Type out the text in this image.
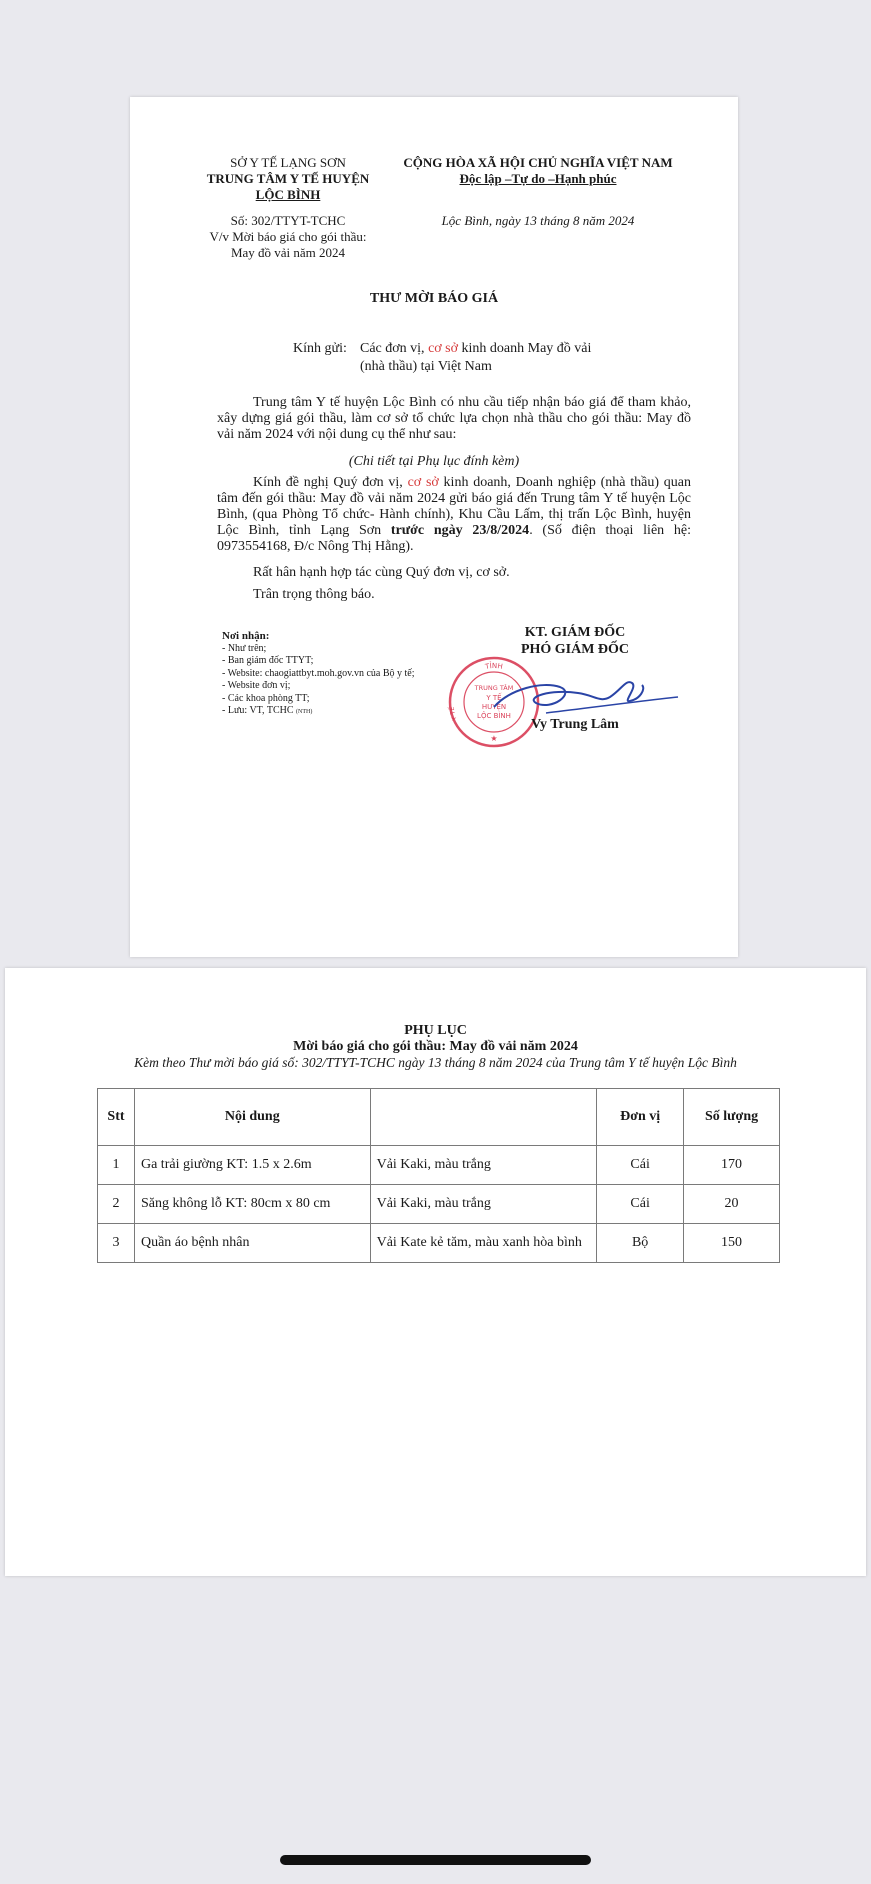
SỞ Y TẾ LẠNG SƠN
TRUNG TÂM Y TẾ HUYỆN
LỘC BÌNH
Số: 302/TTYT-TCHC
V/v Mời báo giá cho gói thầu:
May đồ vải năm 2024
CỘNG HÒA XÃ HỘI CHỦ NGHĨA VIỆT NAM
Độc lập –Tự do –Hạnh phúc
Lộc Bình, ngày 13 tháng 8 năm 2024
THƯ MỜI BÁO GIÁ
Kính gửi: Các đơn vị, cơ sở kinh doanh May đồ vải
(nhà thầu) tại Việt Nam
Trung tâm Y tế huyện Lộc Bình có nhu cầu tiếp nhận báo giá để tham khảo, xây dựng giá gói thầu, làm cơ sở tổ chức lựa chọn nhà thầu cho gói thầu: May đồ vải năm 2024 với nội dung cụ thể như sau:
(Chi tiết tại Phụ lục đính kèm)
Kính đề nghị Quý đơn vị, cơ sở kinh doanh, Doanh nghiệp (nhà thầu) quan tâm đến gói thầu: May đồ vải năm 2024 gửi báo giá đến Trung tâm Y tế huyện Lộc Bình, (qua Phòng Tổ chức- Hành chính), Khu Cầu Lấm, thị trấn Lộc Bình, huyện Lộc Bình, tỉnh Lạng Sơn trước ngày 23/8/2024. (Số điện thoại liên hệ: 0973554168, Đ/c Nông Thị Hằng).
Rất hân hạnh hợp tác cùng Quý đơn vị, cơ sở.
Trân trọng thông báo.
Nơi nhận:
- Như trên;
- Ban giám đốc TTYT;
- Website: chaogiattbyt.moh.gov.vn của Bộ y tế;
- Website đơn vị;
- Các khoa phòng TT;
- Lưu: VT, TCHC (NTH)
KT. GIÁM ĐỐC
PHÓ GIÁM ĐỐC
TỈNH
Y TẾ
TRUNG TÂM
Y TẾ
HUYỆN
LỘC BÌNH
★
Vy Trung Lâm
PHỤ LỤC
Mời báo giá cho gói thầu: May đồ vải năm 2024
Kèm theo Thư mời báo giá số: 302/TTYT-TCHC ngày 13 tháng 8 năm 2024 của Trung tâm Y tế huyện Lộc Bình
Stt	Nội dung		Đơn vị	Số lượng
1	Ga trải giường KT: 1.5 x 2.6m	Vải Kaki, màu trắng	Cái	170
2	Săng không lỗ KT: 80cm x 80 cm	Vải Kaki, màu trắng	Cái	20
3	Quần áo bệnh nhân	Vải Kate kẻ tăm, màu xanh hòa bình	Bộ	150
